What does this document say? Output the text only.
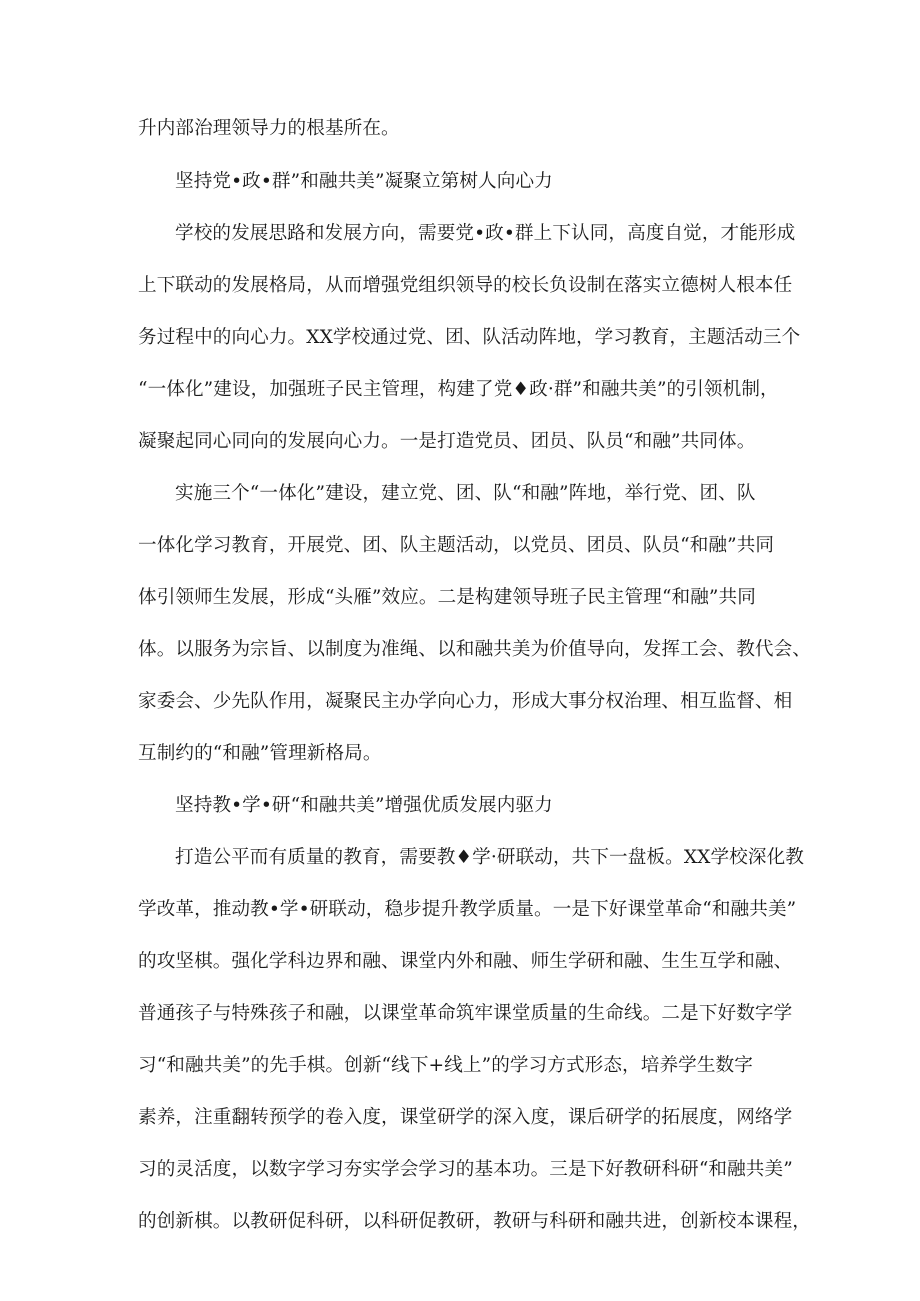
升内部治理领导力的根基所在。
坚持党•政•群”和融共美”凝聚立第树人向心力
学校的发展思路和发展方向，需要党•政•群上下认同，高度自觉，才能形成
上下联动的发展格局，从而增强党组织领导的校长负设制在落实立德树人根本任
务过程中的向心力。XX学校通过党、团、队活动阵地，学习教育，主题活动三个
“一体化”建设，加强班子民主管理，构建了党♦政·群”和融共美”的引领机制，
凝聚起同心同向的发展向心力。一是打造党员、团员、队员“和融”共同体。
实施三个“一体化”建设，建立党、团、队“和融”阵地，举行党、团、队
一体化学习教育，开展党、团、队主题活动，以党员、团员、队员“和融”共同
体引领师生发展，形成“头雁”效应。二是构建领导班子民主管理“和融”共同
体。以服务为宗旨、以制度为准绳、以和融共美为价值导向，发挥工会、教代会、
家委会、少先队作用，凝聚民主办学向心力，形成大事分权治理、相互监督、相
互制约的“和融”管理新格局。
坚持教•学•研“和融共美”增强优质发展内驱力
打造公平而有质量的教育，需要教♦学·研联动，共下一盘板。XX学校深化教
学改革，推动教•学•研联动，稳步提升教学质量。一是下好课堂革命“和融共美”
的攻坚棋。强化学科边界和融、课堂内外和融、师生学研和融、生生互学和融、
普通孩子与特殊孩子和融，以课堂革命筑牢课堂质量的生命线。二是下好数字学
习“和融共美”的先手棋。创新“线下+线上”的学习方式形态，培养学生数字
素养，注重翻转预学的卷入度，课堂研学的深入度，课后研学的拓展度，网络学
习的灵活度，以数字学习夯实学会学习的基本功。三是下好教研科研“和融共美”
的创新棋。以教研促科研，以科研促教研，教研与科研和融共进，创新校本课程，
